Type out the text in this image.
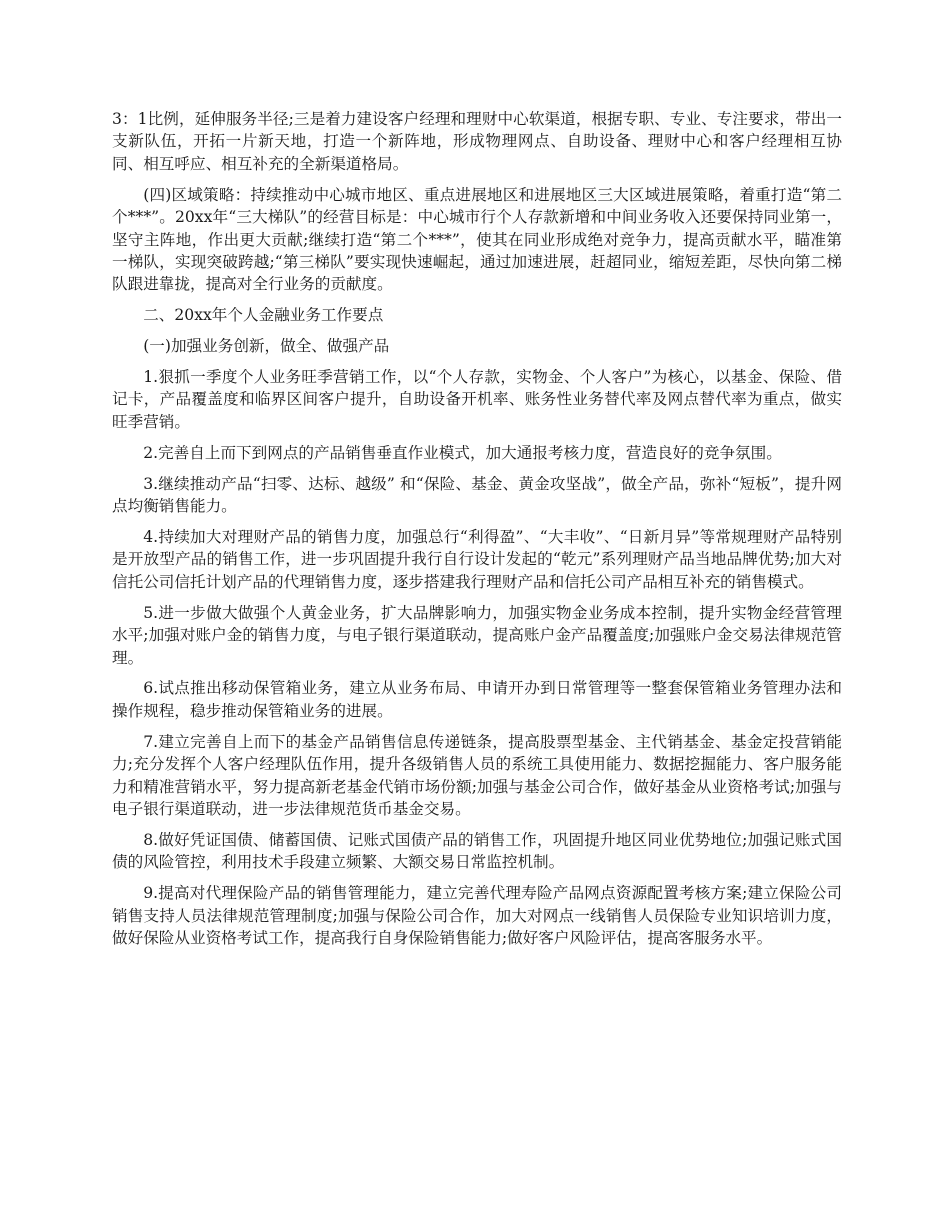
3：1比例，延伸服务半径;三是着力建设客户经理和理财中心软渠道，根据专职、专业、专注要求，带出一支新队伍，开拓一片新天地，打造一个新阵地，形成物理网点、自助设备、理财中心和客户经理相互协同、相互呼应、相互补充的全新渠道格局。

(四)区域策略：持续推动中心城市地区、重点进展地区和进展地区三大区域进展策略，着重打造“第二个***”。20xx年“三大梯队”的经营目标是：中心城市行个人存款新增和中间业务收入还要保持同业第一，坚守主阵地，作出更大贡献;继续打造“第二个***”，使其在同业形成绝对竞争力，提高贡献水平，瞄准第一梯队，实现突破跨越;“第三梯队”要实现快速崛起，通过加速进展，赶超同业，缩短差距，尽快向第二梯队跟进靠拢，提高对全行业务的贡献度。

二、20xx年个人金融业务工作要点

(一)加强业务创新，做全、做强产品

1.狠抓一季度个人业务旺季营销工作，以“个人存款，实物金、个人客户”为核心，以基金、保险、借记卡，产品覆盖度和临界区间客户提升，自助设备开机率、账务性业务替代率及网点替代率为重点，做实旺季营销。

2.完善自上而下到网点的产品销售垂直作业模式，加大通报考核力度，营造良好的竞争氛围。

3.继续推动产品“扫零、达标、越级” 和“保险、基金、黄金攻坚战”，做全产品，弥补“短板”，提升网点均衡销售能力。

4.持续加大对理财产品的销售力度，加强总行“利得盈”、“大丰收”、“日新月异”等常规理财产品特别是开放型产品的销售工作，进一步巩固提升我行自行设计发起的“乾元”系列理财产品当地品牌优势;加大对信托公司信托计划产品的代理销售力度，逐步搭建我行理财产品和信托公司产品相互补充的销售模式。

5.进一步做大做强个人黄金业务，扩大品牌影响力，加强实物金业务成本控制，提升实物金经营管理水平;加强对账户金的销售力度，与电子银行渠道联动，提高账户金产品覆盖度;加强账户金交易法律规范管理。

6.试点推出移动保管箱业务，建立从业务布局、申请开办到日常管理等一整套保管箱业务管理办法和操作规程，稳步推动保管箱业务的进展。

7.建立完善自上而下的基金产品销售信息传递链条，提高股票型基金、主代销基金、基金定投营销能力;充分发挥个人客户经理队伍作用，提升各级销售人员的系统工具使用能力、数据挖掘能力、客户服务能力和精准营销水平，努力提高新老基金代销市场份额;加强与基金公司合作，做好基金从业资格考试;加强与电子银行渠道联动，进一步法律规范货币基金交易。

8.做好凭证国债、储蓄国债、记账式国债产品的销售工作，巩固提升地区同业优势地位;加强记账式国债的风险管控，利用技术手段建立频繁、大额交易日常监控机制。

9.提高对代理保险产品的销售管理能力，建立完善代理寿险产品网点资源配置考核方案;建立保险公司销售支持人员法律规范管理制度;加强与保险公司合作，加大对网点一线销售人员保险专业知识培训力度，做好保险从业资格考试工作，提高我行自身保险销售能力;做好客户风险评估，提高客服务水平。
